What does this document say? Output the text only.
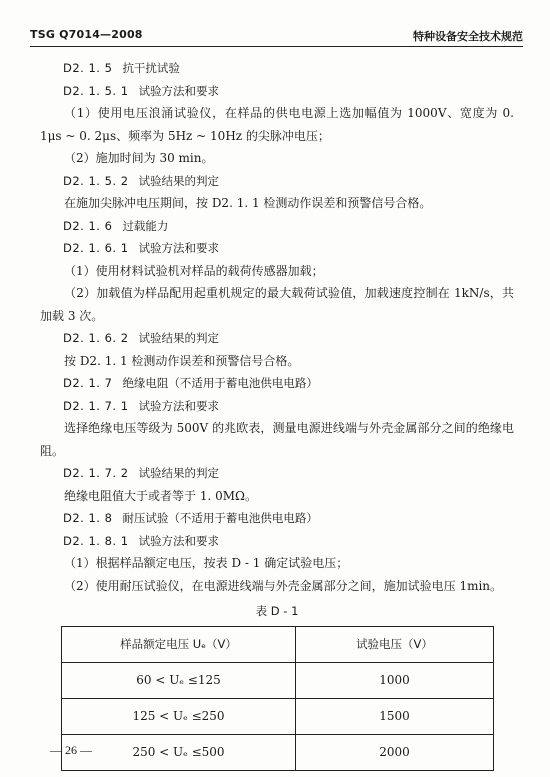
TSG Q7014—2008	特种设备安全技术规范
D2. 1. 5 抗干扰试验
D2. 1. 5. 1 试验方法和要求
（1）使用电压浪涌试验仪，在样品的供电电源上选加幅值为 1000V、宽度为 0. 1μs ~ 0. 2μs、频率为 5Hz ~ 10Hz 的尖脉冲电压；
（2）施加时间为 30 min。
D2. 1. 5. 2 试验结果的判定
在施加尖脉冲电压期间，按 D2. 1. 1 检测动作误差和预警信号合格。
D2. 1. 6 过载能力
D2. 1. 6. 1 试验方法和要求
（1）使用材料试验机对样品的载荷传感器加载；
（2）加载值为样品配用起重机规定的最大载荷试验值，加载速度控制在 1kN/s，共加载 3 次。
D2. 1. 6. 2 试验结果的判定
按 D2. 1. 1 检测动作误差和预警信号合格。
D2. 1. 7 绝缘电阻（不适用于蓄电池供电电路）
D2. 1. 7. 1 试验方法和要求
选择绝缘电压等级为 500V 的兆欧表，测量电源进线端与外壳金属部分之间的绝缘电阻。
D2. 1. 7. 2 试验结果的判定
绝缘电阻值大于或者等于 1. 0MΩ。
D2. 1. 8 耐压试验（不适用于蓄电池供电电路）
D2. 1. 8. 1 试验方法和要求
（1）根据样品额定电压，按表 D - 1 确定试验电压；
（2）使用耐压试验仪，在电源进线端与外壳金属部分之间，施加试验电压 1min。
表 D - 1
样品额定电压 Uₑ（V）	试验电压（V）
60 < Uₑ ≤125	1000
125 < Uₑ ≤250	1500
250 < Uₑ ≤500	2000
— 26 —
